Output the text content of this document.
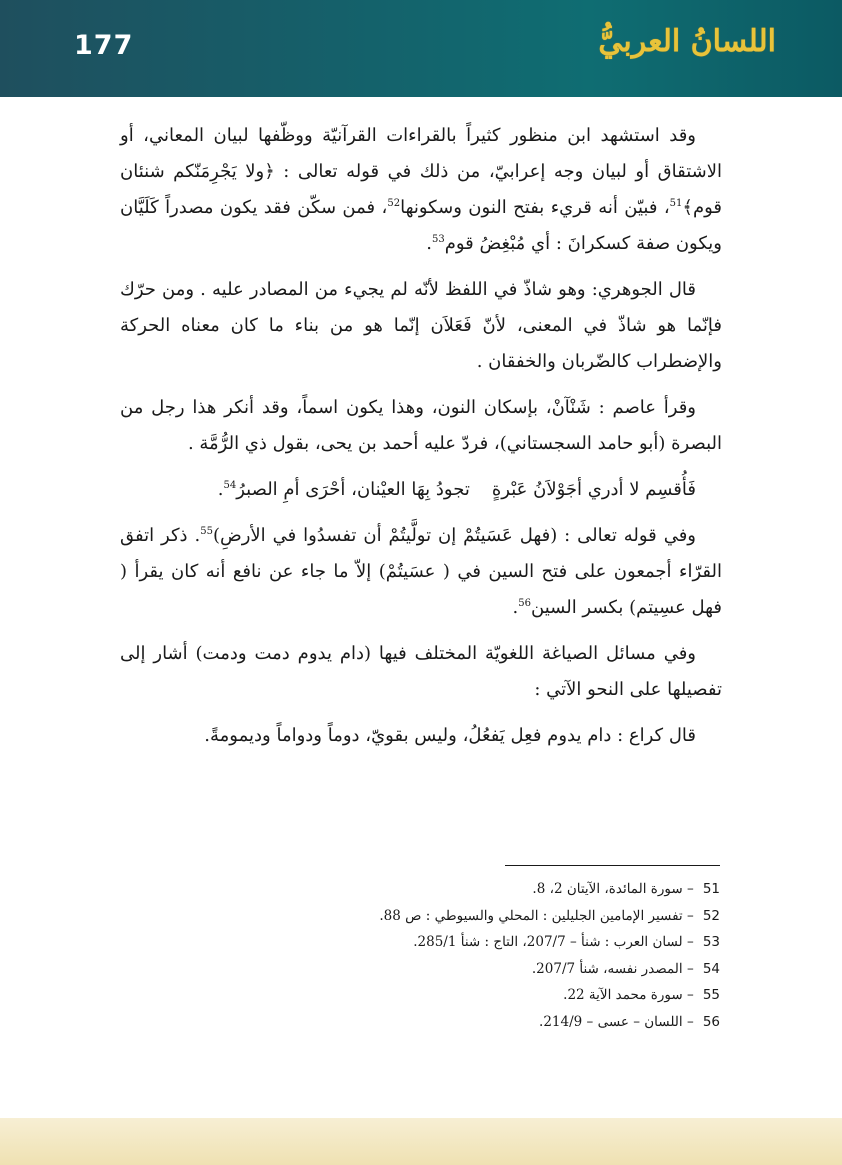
177	اللسانُ العربيُّ

وقد استشهد ابن منظور كثيراً بالقراءات القرآنيّة ووظّفها لبيان المعاني، أو الاشتقاق أو لبيان وجه إعرابيّ، من ذلك في قوله تعالى : ﴿ولا يَجْرِمَنّكم شنئان قوم﴾$^{51}$، فبيّن أنه قريء بفتح النون وسكونها$^{52}$، فمن سكّن فقد يكون مصدراً كَلَيَّان ويكون صفة كسكرانَ : أي مُبْغِضُ قوم$^{53}$.

قال الجوهري: وهو شاذّ في اللفظ لأنّه لم يجيء من المصادر عليه . ومن حرّك فإنّما هو شاذّ في المعنى، لأنّ فَعَلاَن إنّما هو من بناء ما كان معناه الحركة والإضطراب كالضّربان والخفقان .

وقرأ عاصم : شَنْآنْ، بإسكان النون، وهذا يكون اسماً، وقد أنكر هذا رجل من البصرة (أبو حامد السجستاني)، فردّ عليه أحمد بن يحى، بقول ذي الرُّمَّة .

فَأُقسِم لا أدري أجَوْلاَنُ عَبْرةٍتجودُ بِهَا العيْنان، أحْرَى أمِ الصبرُ$^{54}$.

وفي قوله تعالى : (فهل عَسَيتُمْ إن تولَّيتُمْ أن تفسدُوا في الأرضِ)$^{55}$. ذكر اتفق القرّاء أجمعون على فتح السين في ( عسَيتُمْ) إلاّ ما جاء عن نافع أنه كان يقرأ ( فهل عسِيتم) بكسر السين$^{56}$.

وفي مسائل الصياغة اللغويّة المختلف فيها (دام يدوم دمت ودمت) أشار إلى تفصيلها على النحو الآتي :

قال كراع : دام يدوم فعِل يَفعُلُ، وليس بقويّ، دوماً ودواماً وديمومةً.

51 – سورة المائدة، الآيتان 2، 8.
52 – تفسير الإمامين الجليلين : المحلي والسيوطي : ص 88.
53 – لسان العرب : شنأ – 207/7، التاج : شنأ 285/1.
54 – المصدر نفسه، شنأ 207/7.
55 – سورة محمد الآية 22.
56 – اللسان – عسى – 214/9.
